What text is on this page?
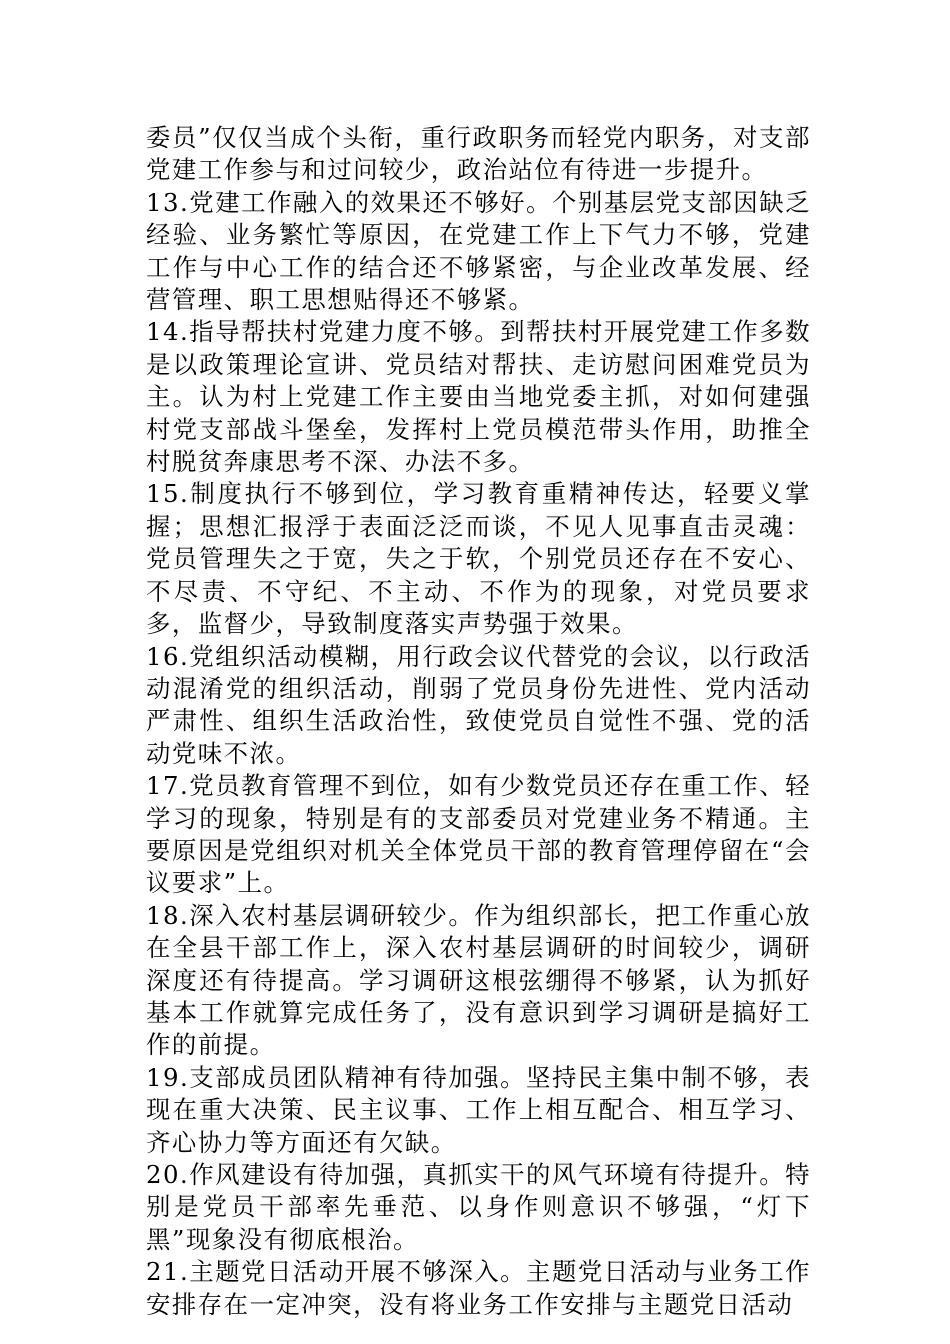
委员”仅仅当成个头衔，重行政职务而轻党内职务，对支部党建工作参与和过问较少，政治站位有待进一步提升。

13.党建工作融入的效果还不够好。个别基层党支部因缺乏经验、业务繁忙等原因，在党建工作上下气力不够，党建工作与中心工作的结合还不够紧密，与企业改革发展、经营管理、职工思想贴得还不够紧。

14.指导帮扶村党建力度不够。到帮扶村开展党建工作多数是以政策理论宣讲、党员结对帮扶、走访慰问困难党员为主。认为村上党建工作主要由当地党委主抓，对如何建强村党支部战斗堡垒，发挥村上党员模范带头作用，助推全村脱贫奔康思考不深、办法不多。

15.制度执行不够到位，学习教育重精神传达，轻要义掌握；思想汇报浮于表面泛泛而谈，不见人见事直击灵魂：党员管理失之于宽，失之于软，个别党员还存在不安心、不尽责、不守纪、不主动、不作为的现象，对党员要求多，监督少，导致制度落实声势强于效果。

16.党组织活动模糊，用行政会议代替党的会议，以行政活动混淆党的组织活动，削弱了党员身份先进性、党内活动严肃性、组织生活政治性，致使党员自觉性不强、党的活动党味不浓。

17.党员教育管理不到位，如有少数党员还存在重工作、轻学习的现象，特别是有的支部委员对党建业务不精通。主要原因是党组织对机关全体党员干部的教育管理停留在“会议要求”上。

18.深入农村基层调研较少。作为组织部长，把工作重心放在全县干部工作上，深入农村基层调研的时间较少，调研深度还有待提高。学习调研这根弦绷得不够紧，认为抓好基本工作就算完成任务了，没有意识到学习调研是搞好工作的前提。

19.支部成员团队精神有待加强。坚持民主集中制不够，表现在重大决策、民主议事、工作上相互配合、相互学习、齐心协力等方面还有欠缺。

20.作风建设有待加强，真抓实干的风气环境有待提升。特别是党员干部率先垂范、以身作则意识不够强，“灯下黑”现象没有彻底根治。

21.主题党日活动开展不够深入。主题党日活动与业务工作安排存在一定冲突，没有将业务工作安排与主题党日活动
